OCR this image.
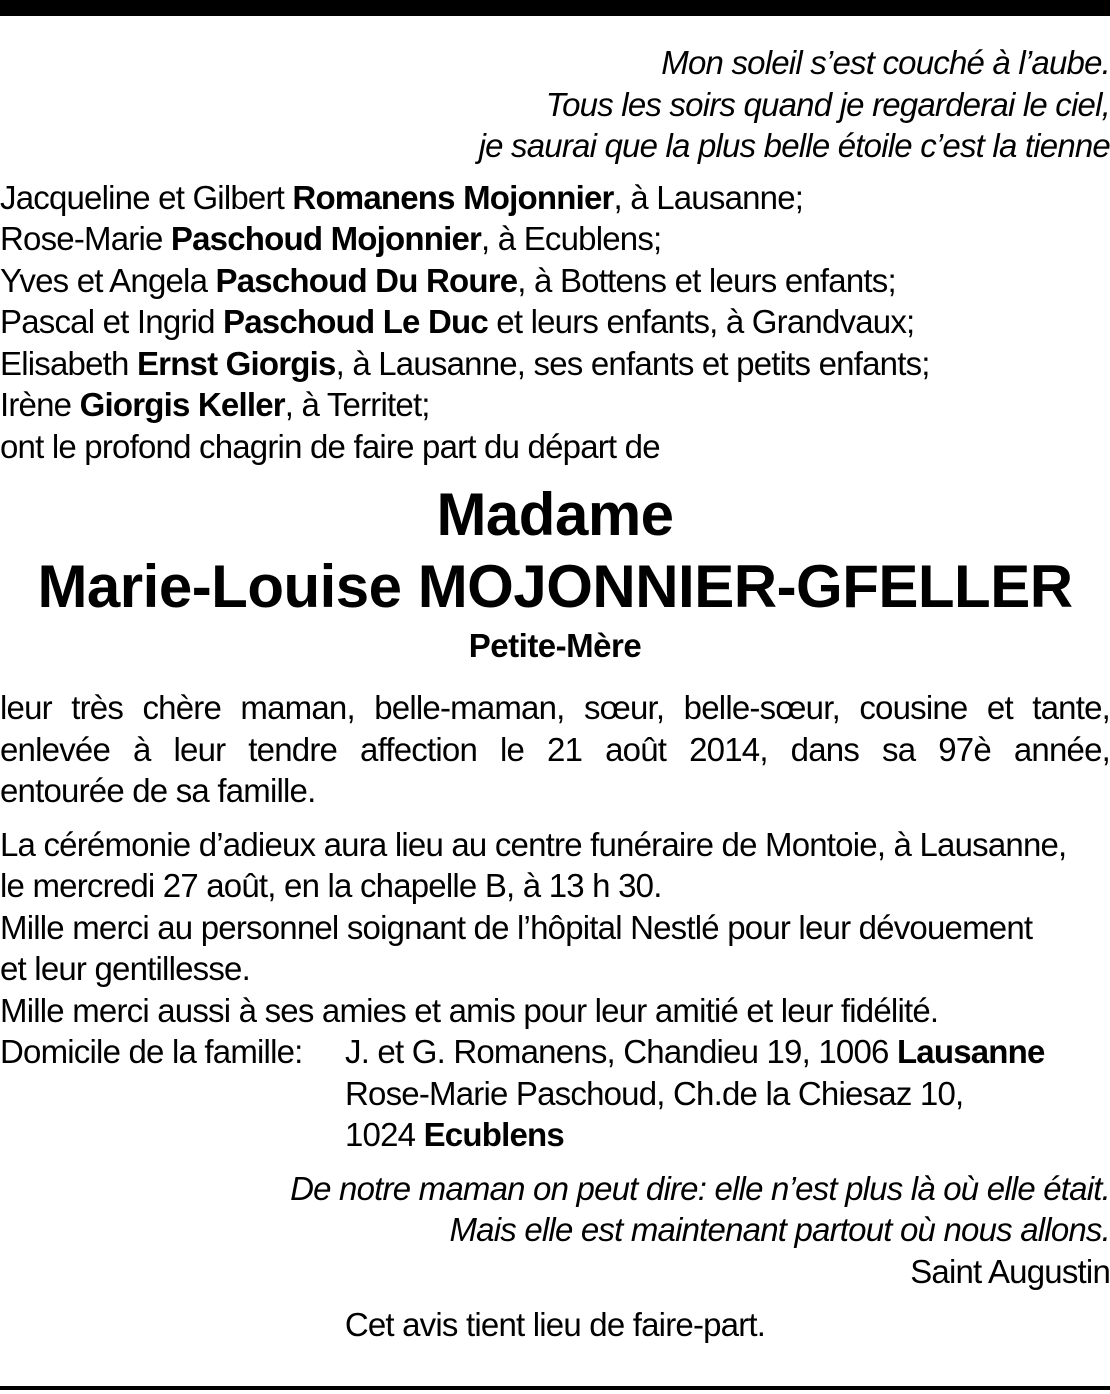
Mon soleil s’est couché à l’aube.
Tous les soirs quand je regarderai le ciel,
je saurai que la plus belle étoile c’est la tienne
Jacqueline et Gilbert Romanens Mojonnier, à Lausanne;
Rose-Marie Paschoud Mojonnier, à Ecublens;
Yves et Angela Paschoud Du Roure, à Bottens et leurs enfants;
Pascal et Ingrid Paschoud Le Duc et leurs enfants, à Grandvaux;
Elisabeth Ernst Giorgis, à Lausanne, ses enfants et petits enfants;
Irène Giorgis Keller, à Territet;
ont le profond chagrin de faire part du départ de
Madame
Marie-Louise MOJONNIER-GFELLER
Petite-Mère
leur très chère maman, belle-maman, sœur, belle-sœur, cousine et tante,
enlevée à leur tendre affection le 21 août 2014, dans sa 97è année,
entourée de sa famille.
La cérémonie d’adieux aura lieu au centre funéraire de Montoie, à Lausanne,
le mercredi 27 août, en la chapelle B, à 13 h 30.
Mille merci au personnel soignant de l’hôpital Nestlé pour leur dévouement
et leur gentillesse.
Mille merci aussi à ses amies et amis pour leur amitié et leur fidélité.
Domicile de la famille:	J. et G. Romanens, Chandieu 19, 1006 Lausanne
Rose-Marie Paschoud, Ch.de la Chiesaz 10,
1024 Ecublens
De notre maman on peut dire: elle n’est plus là où elle était.
Mais elle est maintenant partout où nous allons.
Saint Augustin
Cet avis tient lieu de faire-part.
